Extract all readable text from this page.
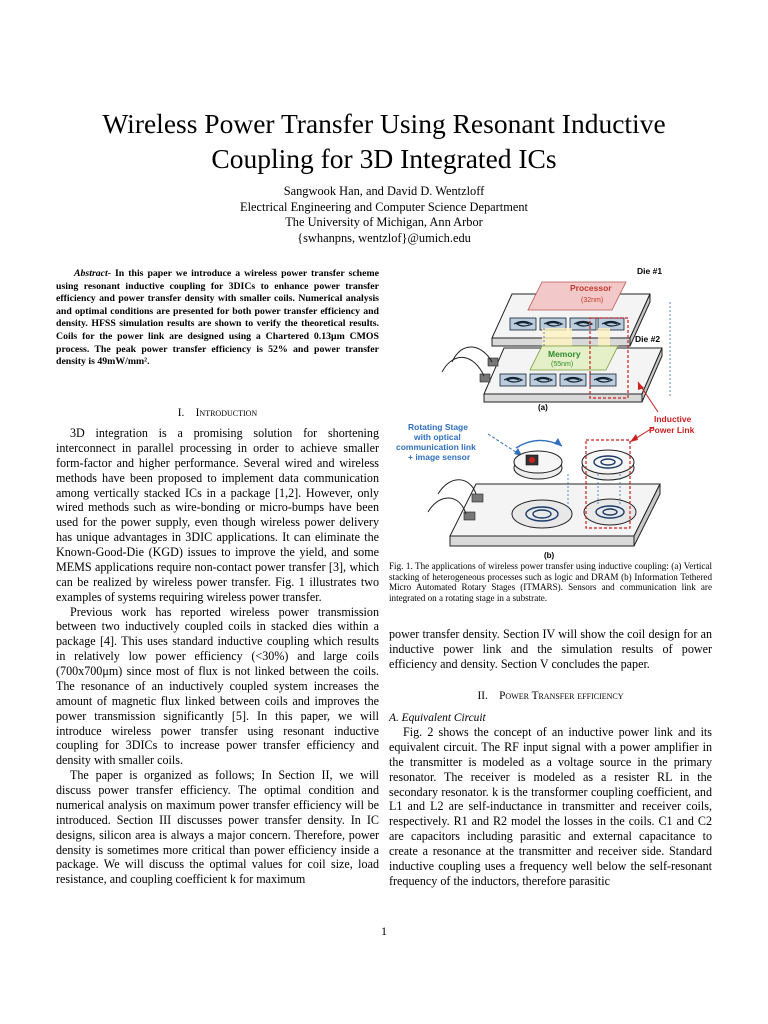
Wireless Power Transfer Using Resonant Inductive
Coupling for 3D Integrated ICs
Sangwook Han, and David D. Wentzloff
Electrical Engineering and Computer Science Department
The University of Michigan, Ann Arbor
{swhanpns, wentzlof}@umich.edu
Abstract- In this paper we introduce a wireless power transfer scheme using resonant inductive coupling for 3DICs to enhance power transfer efficiency and power transfer density with smaller coils. Numerical analysis and optimal conditions are presented for both power transfer efficiency and density. HFSS simulation results are shown to verify the theoretical results. Coils for the power link are designed using a Chartered 0.13μm CMOS process. The peak power transfer efficiency is 52% and power transfer density is 49mW/mm².
I. Introduction

3D integration is a promising solution for shortening interconnect in parallel processing in order to achieve smaller form-factor and higher performance. Several wired and wireless methods have been proposed to implement data communication among vertically stacked ICs in a package [1,2]. However, only wired methods such as wire-bonding or micro-bumps have been used for the power supply, even though wireless power delivery has unique advantages in 3DIC applications. It can eliminate the Known-Good-Die (KGD) issues to improve the yield, and some MEMS applications require non-contact power transfer [3], which can be realized by wireless power transfer. Fig. 1 illustrates two examples of systems requiring wireless power transfer.

Previous work has reported wireless power transmission between two inductively coupled coils in stacked dies within a package [4]. This uses standard inductive coupling which results in relatively low power efficiency (<30%) and large coils (700x700μm) since most of flux is not linked between the coils. The resonance of an inductively coupled system increases the amount of magnetic flux linked between coils and improves the power transmission significantly [5]. In this paper, we will introduce wireless power transfer using resonant inductive coupling for 3DICs to increase power transfer efficiency and density with smaller coils.

The paper is organized as follows; In Section II, we will discuss power transfer efficiency. The optimal condition and numerical analysis on maximum power transfer efficiency will be introduced. Section III discusses power transfer density. In IC designs, silicon area is always a major concern. Therefore, power density is sometimes more critical than power efficiency inside a package. We will discuss the optimal values for coil size, load resistance, and coupling coefficient k for maximum

Die #1
Processor
(32nm)
Die #2
Memory
(55nm)
(a)
Inductive
Power Link
Rotating Stage
with optical
communication link
+ image sensor
(b)
Fig. 1. The applications of wireless power transfer using inductive coupling: (a) Vertical stacking of heterogeneous processes such as logic and DRAM (b) Information Tethered Micro Automated Rotary Stages (ITMARS). Sensors and communication link are integrated on a rotating stage in a substrate.

power transfer density. Section IV will show the coil design for an inductive power link and the simulation results of power efficiency and density. Section V concludes the paper.

II. Power Transfer efficiency
A. Equivalent Circuit

Fig. 2 shows the concept of an inductive power link and its equivalent circuit. The RF input signal with a power amplifier in the transmitter is modeled as a voltage source in the primary resonator. The receiver is modeled as a resister RL in the secondary resonator. k is the transformer coupling coefficient, and L1 and L2 are self-inductance in transmitter and receiver coils, respectively. R1 and R2 model the losses in the coils. C1 and C2 are capacitors including parasitic and external capacitance to create a resonance at the transmitter and receiver side. Standard inductive coupling uses a frequency well below the self-resonant frequency of the inductors, therefore parasitic

1
